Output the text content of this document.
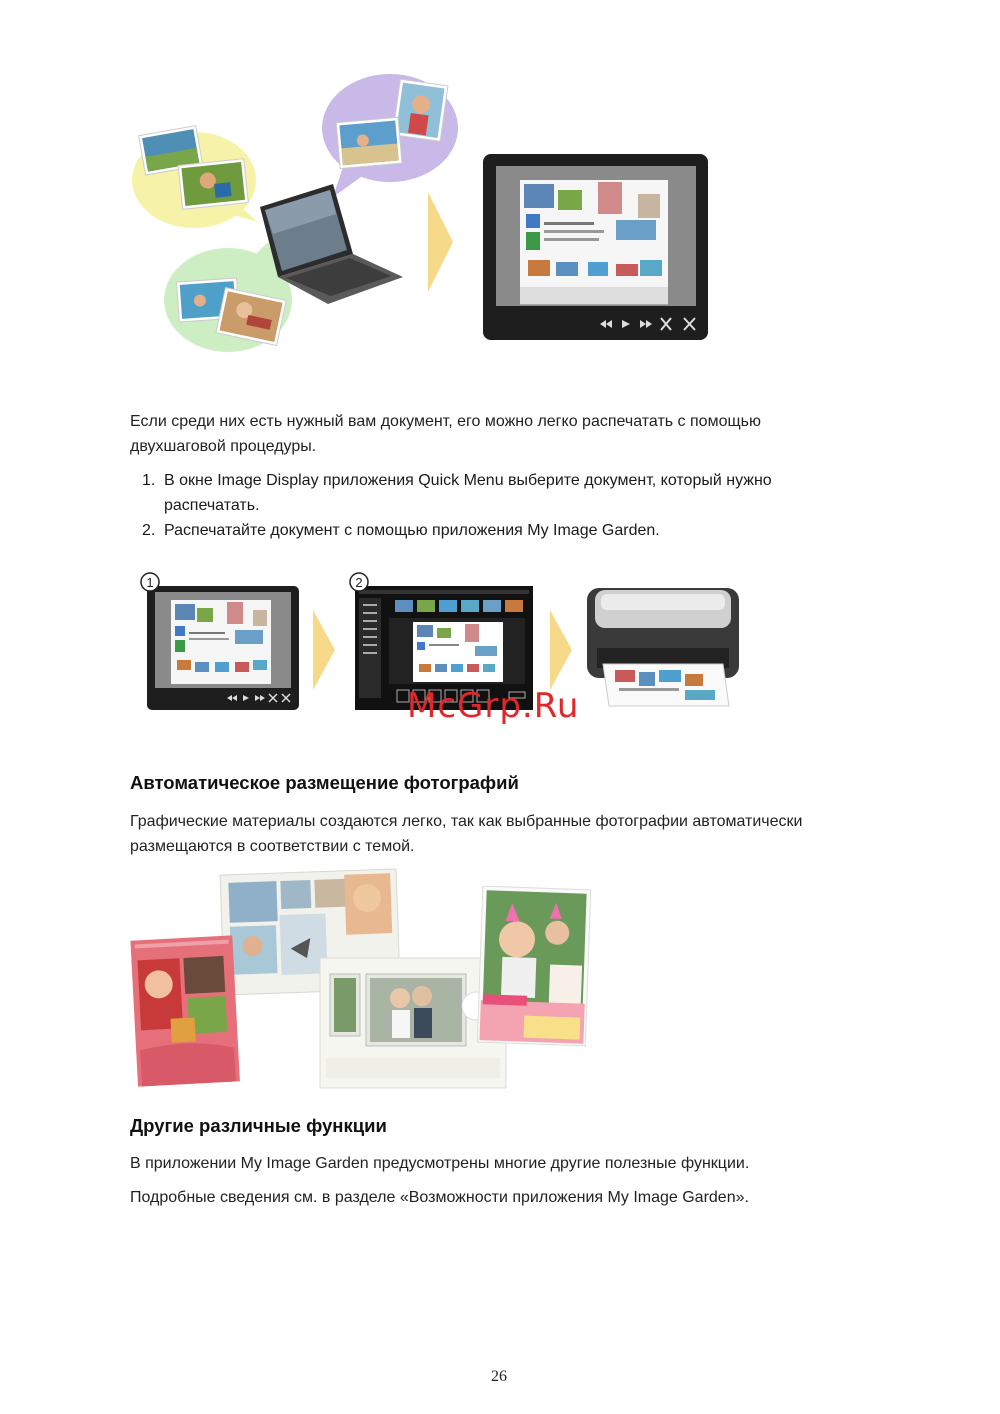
Если среди них есть нужный вам документ, его можно легко распечатать с помощью двухшаговой процедуры.
1. В окне Image Display приложения Quick Menu выберите документ, который нужно распечатать.
2. Распечатайте документ с помощью приложения My Image Garden.
1	2
McGrp.Ru
Автоматическое размещение фотографий
Графические материалы создаются легко, так как выбранные фотографии автоматически размещаются в соответствии с темой.
Другие различные функции
В приложении My Image Garden предусмотрены многие другие полезные функции.
Подробные сведения см. в разделе «Возможности приложения My Image Garden».
26
